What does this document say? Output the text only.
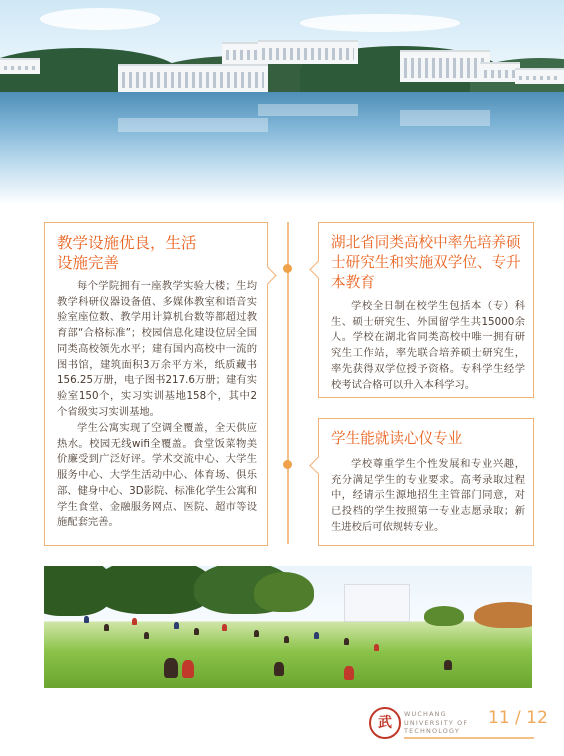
教学设施优良，生活设施完善

每个学院拥有一座教学实验大楼；生均教学科研仪器设备值、多媒体教室和语音实验室座位数、教学用计算机台数等都超过教育部“合格标准”；校园信息化建设位居全国同类高校领先水平；建有国内高校中一流的图书馆，建筑面积3万余平方米，纸质藏书156.25万册，电子图书217.6万册；建有实验室150个，实习实训基地158个，其中2个省级实习实训基地。

学生公寓实现了空调全覆盖，全天供应热水。校园无线wifi全覆盖。食堂饭菜物美价廉受到广泛好评。学术交流中心、大学生服务中心、大学生活动中心、体育场、俱乐部、健身中心、3D影院、标准化学生公寓和学生食堂、金融服务网点、医院、超市等设施配套完善。

湖北省同类高校中率先培养硕士研究生和实施双学位、专升本教育

学校全日制在校学生包括本（专）科生、硕士研究生、外国留学生共15000余人。学校在湖北省同类高校中唯一拥有研究生工作站，率先联合培养硕士研究生，率先获得双学位授予资格。专科学生经学校考试合格可以升入本科学习。

学生能就读心仪专业

学校尊重学生个性发展和专业兴趣，充分满足学生的专业要求。高考录取过程中，经请示生源地招生主管部门同意，对已投档的学生按照第一专业志愿录取；新生进校后可依规转专业。

武
WUCHANG
UNIVERSITY OF
TECHNOLOGY
11 / 12
